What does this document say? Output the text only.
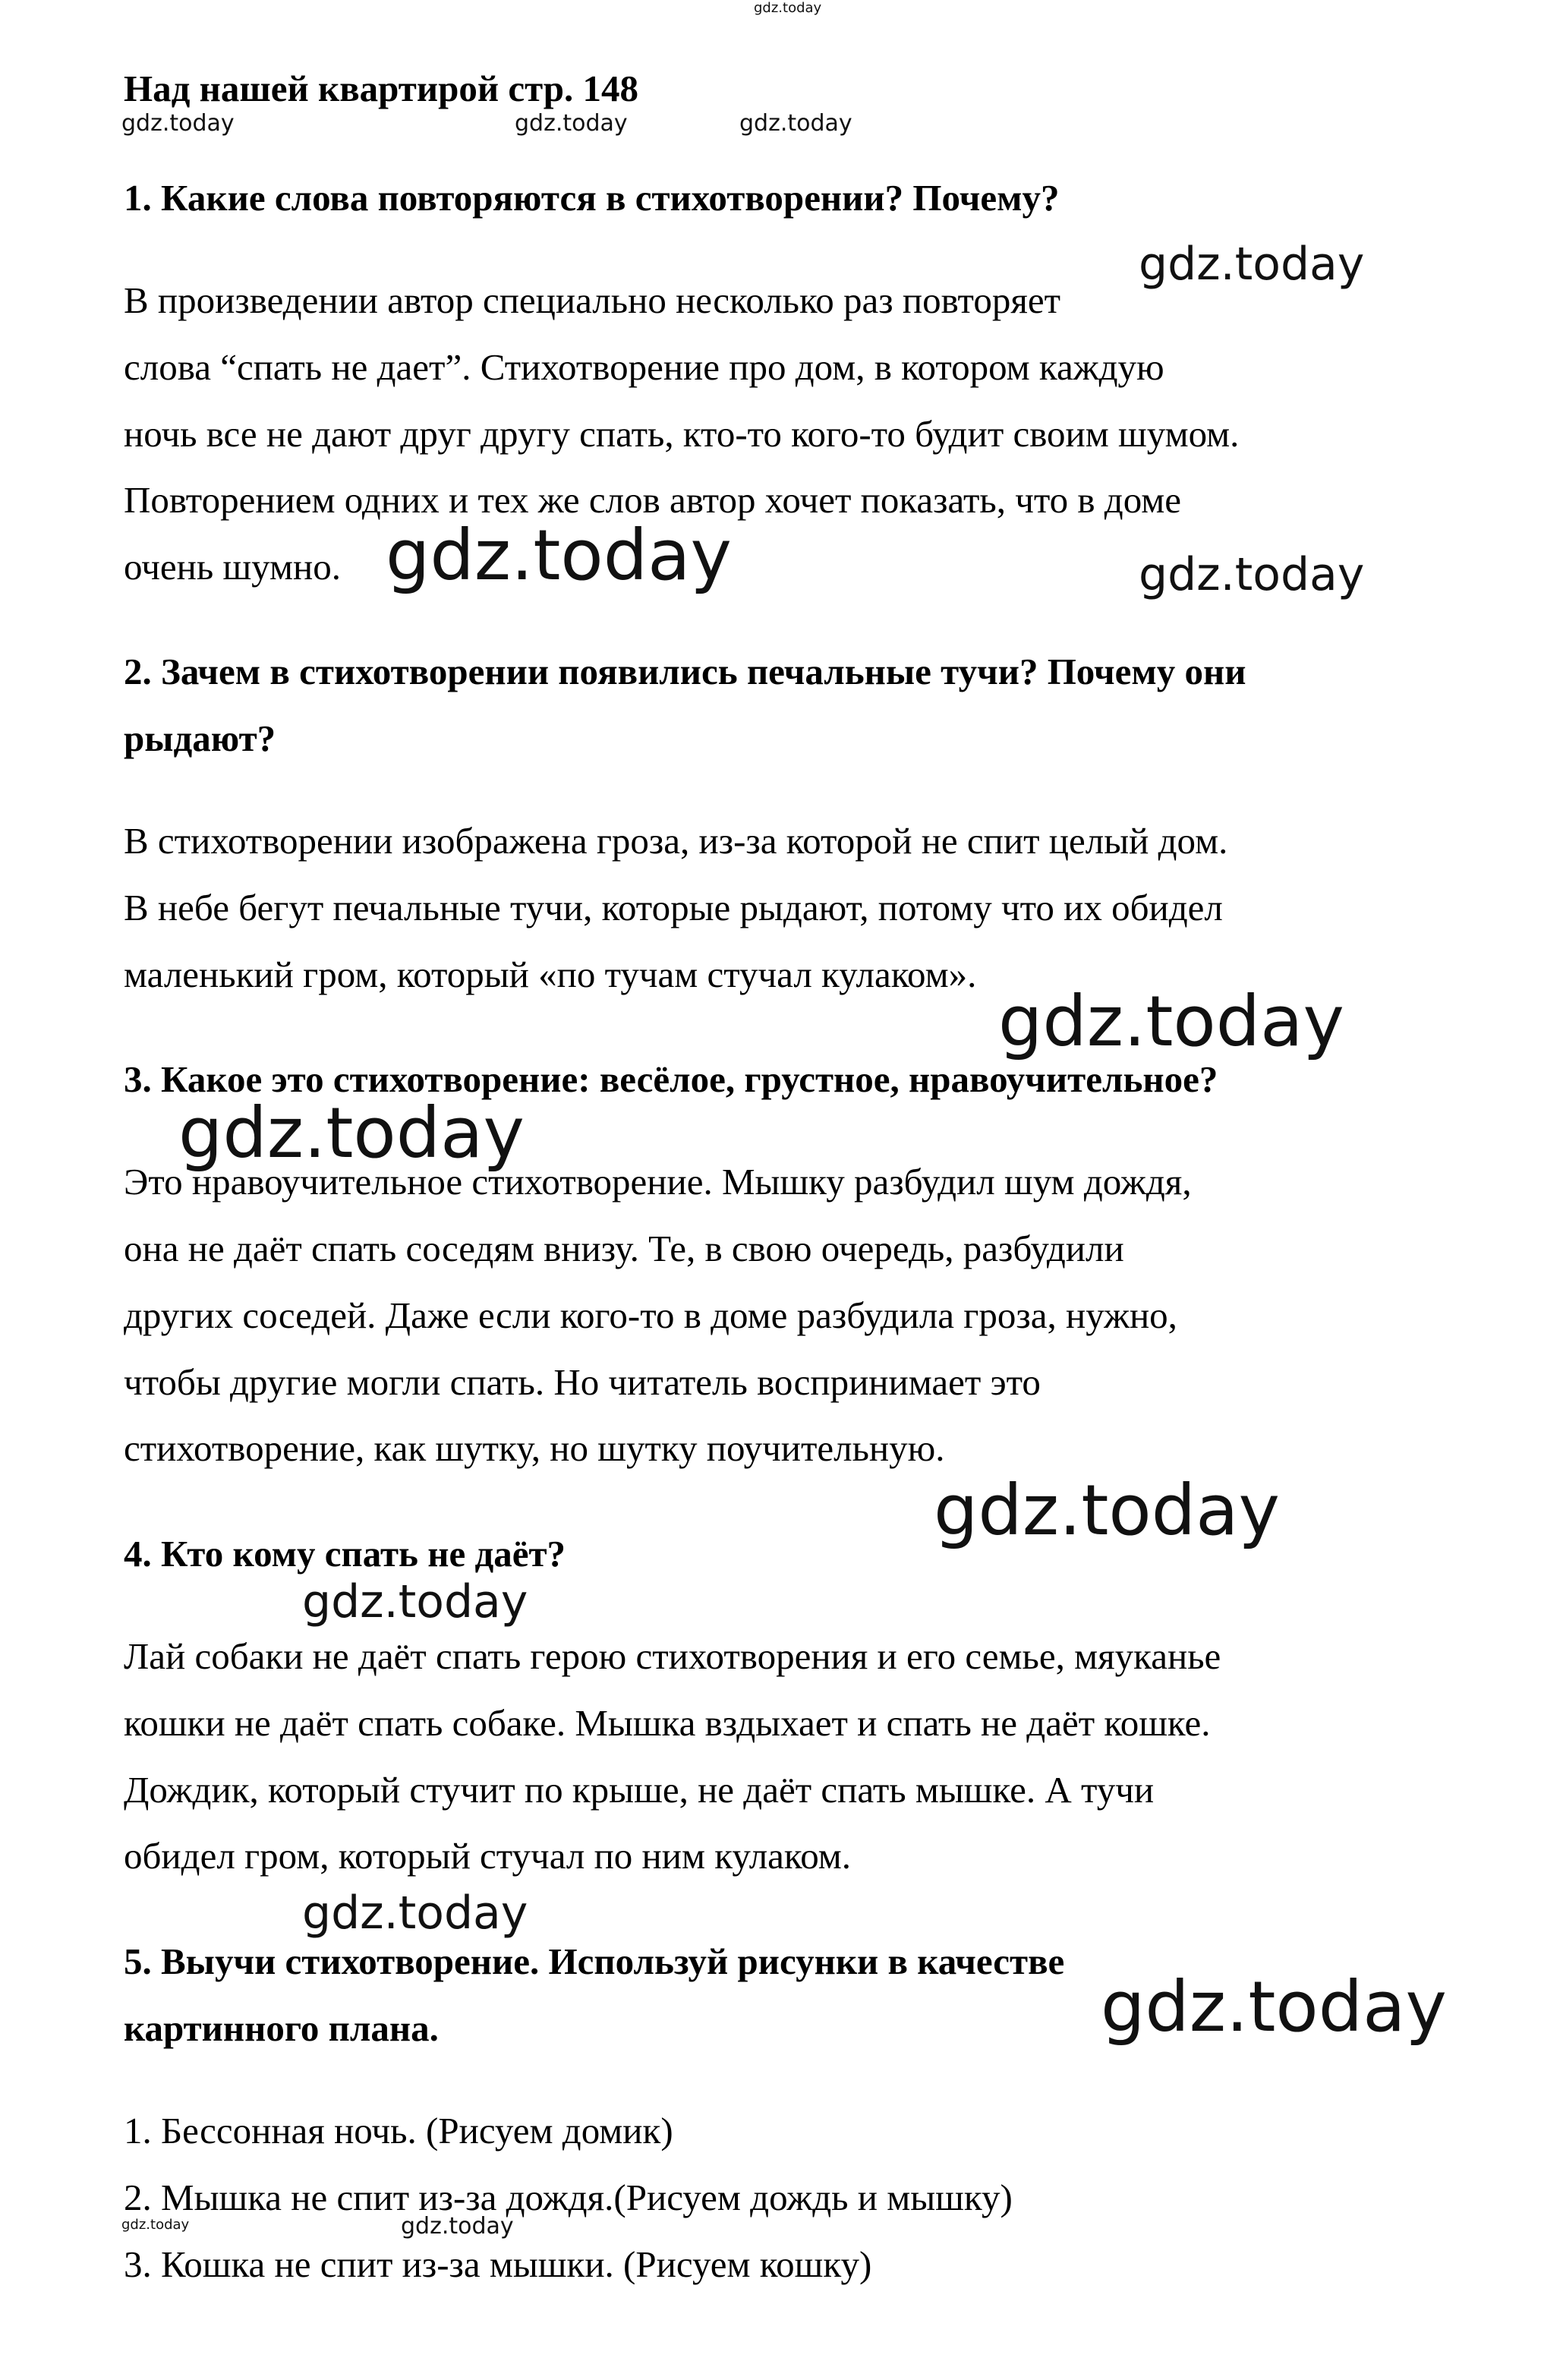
Над нашей квартирой стр. 148
1. Какие слова повторяются в стихотворении? Почему?
В произведении автор специально несколько раз повторяет
слова “спать не дает”. Стихотворение про дом, в котором каждую
ночь все не дают друг другу спать, кто-то кого-то будит своим шумом.
Повторением одних и тех же слов автор хочет показать, что в доме
очень шумно.
2. Зачем в стихотворении появились печальные тучи? Почему они
рыдают?
В стихотворении изображена гроза, из-за которой не спит целый дом.
В небе бегут печальные тучи, которые рыдают, потому что их обидел
маленький гром, который «по тучам стучал кулаком».
3. Какое это стихотворение: весёлое, грустное, нравоучительное?
Это нравоучительное стихотворение. Мышку разбудил шум дождя,
она не даёт спать соседям внизу. Те, в свою очередь, разбудили
других соседей. Даже если кого-то в доме разбудила гроза, нужно,
чтобы другие могли спать. Но читатель воспринимает это
стихотворение, как шутку, но шутку поучительную.
4. Кто кому спать не даёт?
Лай собаки не даёт спать герою стихотворения и его семье, мяуканье
кошки не даёт спать собаке. Мышка вздыхает и спать не даёт кошке.
Дождик, который стучит по крыше, не даёт спать мышке. А тучи
обидел гром, который стучал по ним кулаком.
5. Выучи стихотворение. Используй рисунки в качестве
картинного плана.
1. Бессонная ночь. (Рисуем домик)
2. Мышка не спит из-за дождя.(Рисуем дождь и мышку)
3. Кошка не спит из-за мышки. (Рисуем кошку)
gdz.today
gdz.today	gdz.today	gdz.today
gdz.today
gdz.today	gdz.today
gdz.today
gdz.today
gdz.today
gdz.today
gdz.today
gdz.today
gdz.today	gdz.today
